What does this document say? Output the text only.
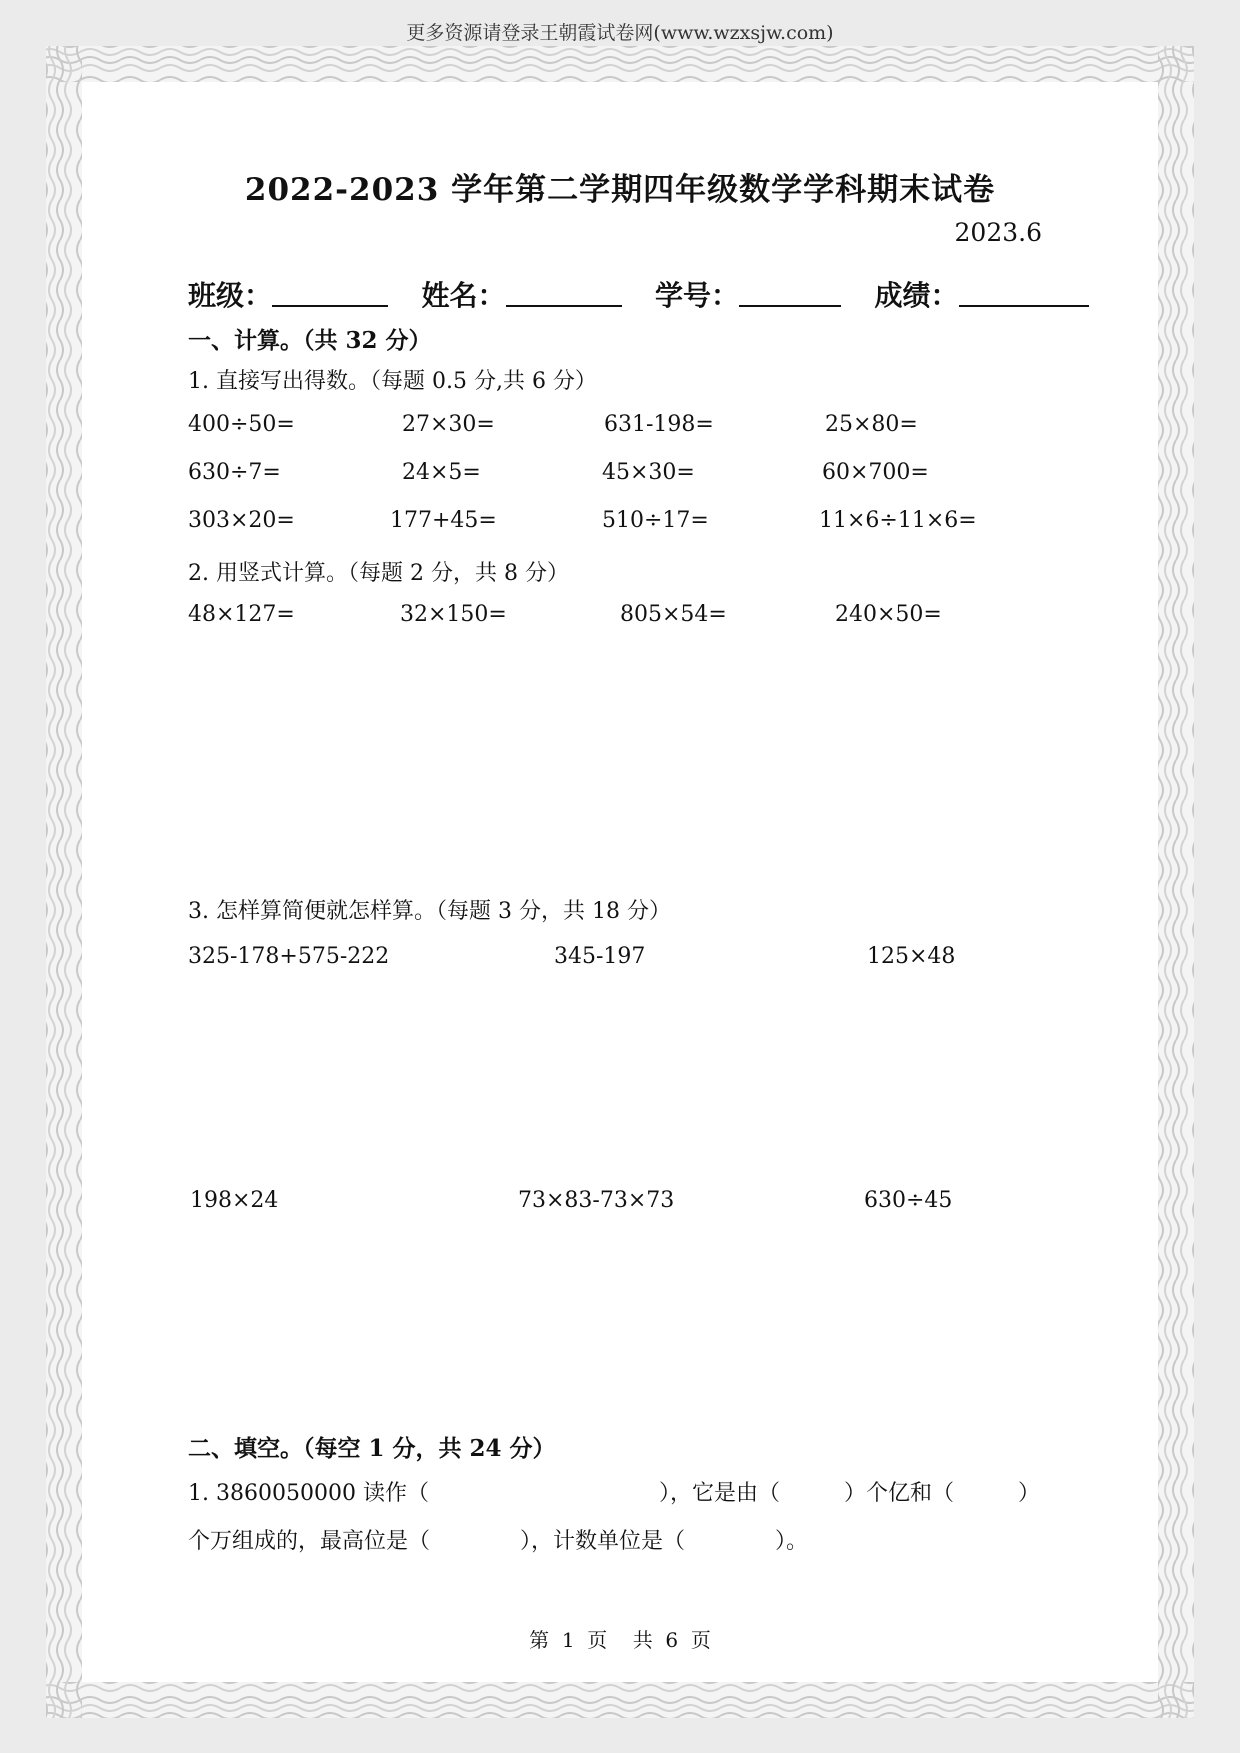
更多资源请登录王朝霞试卷网(www.wzxsjw.com)
2022-2023 学年第二学期四年级数学学科期末试卷
2023.6
班级：	姓名：	学号：	成绩：
一、计算。（共 32 分）
1. 直接写出得数。（每题 0.5 分,共 6 分）
400÷50=	27×30=	631-198=	25×80=
630÷7=	24×5=	45×30=	60×700=
303×20=	177+45=	510÷17=	11×6÷11×6=
2. 用竖式计算。（每题 2 分，共 8 分）
48×127=	32×150=	805×54=	240×50=
3. 怎样算简便就怎样算。（每题 3 分，共 18 分）
325-178+575-222	345-197	125×48
198×24	73×83-73×73	630÷45
二、填空。（每空 1 分，共 24 分）
1. 3860050000 读作（	），它是由（	）个亿和（	）
个万组成的，最高位是（	），计数单位是（	）。
第  1  页    共  6  页
